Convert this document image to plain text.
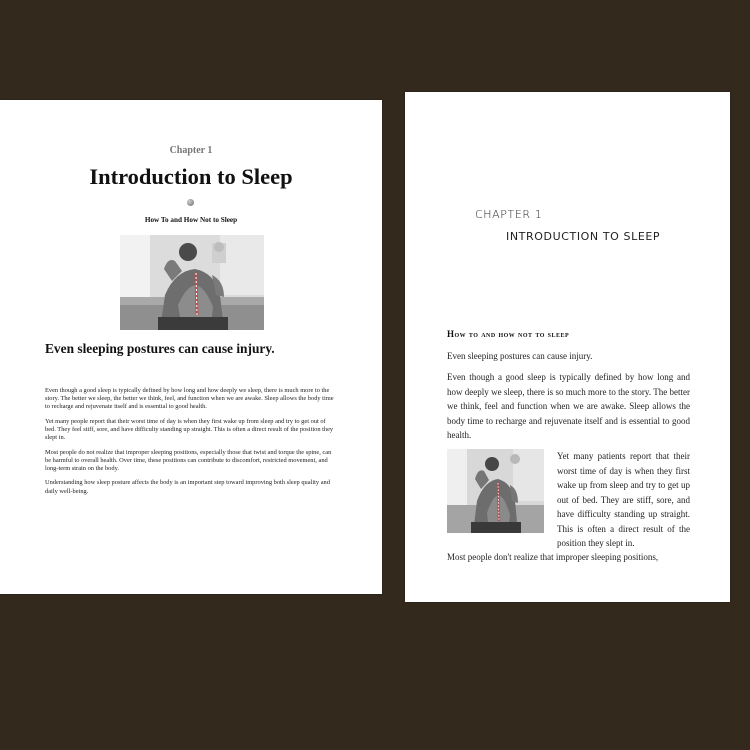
Chapter 1
Introduction to Sleep
How To and How Not to Sleep
Even sleeping postures can cause injury.

Even though a good sleep is typically defined by how long and how deeply we sleep, there is much more to the story. The better we sleep, the better we think, feel, and function when we are awake. Sleep allows the body time to recharge and rejuvenate itself and is essential to good health.

Yet many people report that their worst time of day is when they first wake up from sleep and try to get out of bed. They feel stiff, sore, and have difficulty standing up straight. This is often a direct result of the position they slept in.

Most people do not realize that improper sleeping positions, especially those that twist and torque the spine, can be harmful to overall health. Over time, these positions can contribute to discomfort, restricted movement, and long-term strain on the body.

Understanding how sleep posture affects the body is an important step toward improving both sleep quality and daily well-being.

CHAPTER 1
INTRODUCTION TO SLEEP
How to and how not to sleep
Even sleeping postures can cause injury.

Even though a good sleep is typically defined by how long and how deeply we sleep, there is so much more to the story. The better we think, feel and function when we are awake. Sleep allows the body time to recharge and rejuvenate itself and is essential to good health.

Yet many patients report that their worst time of day is when they first wake up from sleep and try to get up out of bed. They are stiff, sore, and have difficulty standing up straight. This is often a direct result of the position they slept in.

Most people don't realize that improper sleeping positions,
